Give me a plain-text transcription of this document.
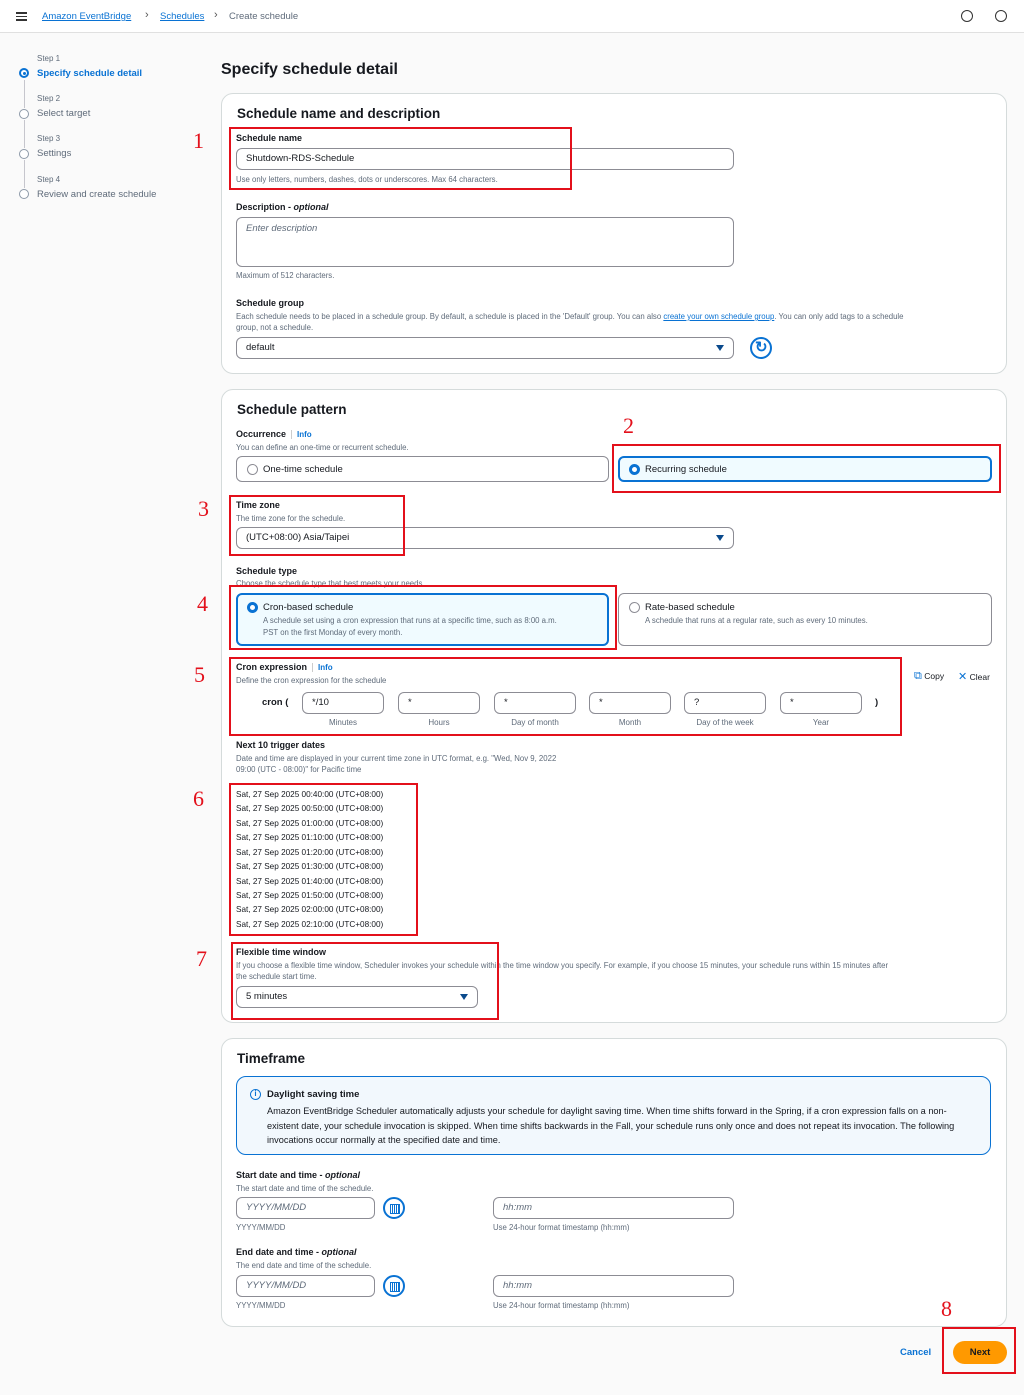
Amazon EventBridge › Schedules › Create schedule
Step 1
Specify schedule detail
Step 2
Select target
Step 3
Settings
Step 4
Review and create schedule
Specify schedule detail
Schedule name and description
Schedule name
Shutdown-RDS-Schedule
Use only letters, numbers, dashes, dots or underscores. Max 64 characters.
Description - optional
Enter description
Maximum of 512 characters.
Schedule group
Each schedule needs to be placed in a schedule group. By default, a schedule is placed in the 'Default' group. You can also create your own schedule group. You can only add tags to a schedule
group, not a schedule.
default
↻
Schedule pattern
Occurrence Info
You can define an one-time or recurrent schedule.
One-time schedule	Recurring schedule
Time zone
The time zone for the schedule.
(UTC+08:00) Asia/Taipei
Schedule type
Choose the schedule type that best meets your needs.
Cron-based schedule
A schedule set using a cron expression that runs at a specific time, such as 8:00 a.m.
PST on the first Monday of every month.
Rate-based schedule
A schedule that runs at a regular rate, such as every 10 minutes.
Cron expression Info
Define the cron expression for the schedule	⧉ Copy ✕ Clear
cron (	*/10	*	*	*	?	*
Minutes	Hours	Day of month	Month	Day of the week	Year
)
Next 10 trigger dates
Date and time are displayed in your current time zone in UTC format, e.g. "Wed, Nov 9, 2022
09:00 (UTC - 08:00)" for Pacific time
Sat, 27 Sep 2025 00:40:00 (UTC+08:00)
Sat, 27 Sep 2025 00:50:00 (UTC+08:00)
Sat, 27 Sep 2025 01:00:00 (UTC+08:00)
Sat, 27 Sep 2025 01:10:00 (UTC+08:00)
Sat, 27 Sep 2025 01:20:00 (UTC+08:00)
Sat, 27 Sep 2025 01:30:00 (UTC+08:00)
Sat, 27 Sep 2025 01:40:00 (UTC+08:00)
Sat, 27 Sep 2025 01:50:00 (UTC+08:00)
Sat, 27 Sep 2025 02:00:00 (UTC+08:00)
Sat, 27 Sep 2025 02:10:00 (UTC+08:00)
Flexible time window
If you choose a flexible time window, Scheduler invokes your schedule within the time window you specify. For example, if you choose 15 minutes, your schedule runs within 15 minutes after
the schedule start time.
5 minutes
Timeframe
i	Daylight saving time
Amazon EventBridge Scheduler automatically adjusts your schedule for daylight saving time. When time shifts forward in the Spring, if a cron expression falls on a non-existent date, your schedule invocation is skipped. When time shifts backwards in the Fall, your schedule runs only once and does not repeat its invocation. The following invocations occur normally at the specified date and time.
Start date and time - optional
The start date and time of the schedule.
YYYY/MM/DD	hh:mm
YYYY/MM/DD	Use 24-hour format timestamp (hh:mm)
End date and time - optional
The end date and time of the schedule.
YYYY/MM/DD	hh:mm
YYYY/MM/DD	Use 24-hour format timestamp (hh:mm)
Cancel	Next
1
2
3
4
5
6
7
8
